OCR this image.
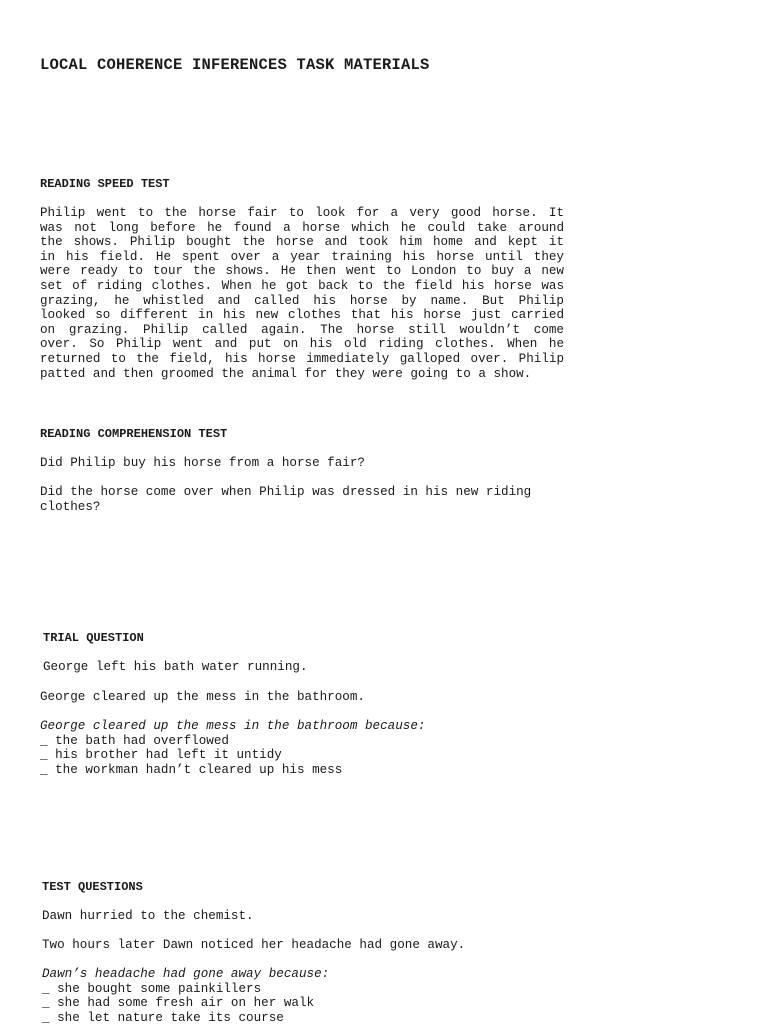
LOCAL COHERENCE INFERENCES TASK MATERIALS
READING SPEED TEST
Philip went to the horse fair to look for a very good horse. It
was not long before he found a horse which he could take around
the shows. Philip bought the horse and took him home and kept it
in his field. He spent over a year training his horse until they
were ready to tour the shows. He then went to London to buy a new
set of riding clothes. When he got back to the field his horse was
grazing, he whistled and called his horse by name. But Philip
looked so different in his new clothes that his horse just carried
on grazing. Philip called again. The horse still wouldn’t come
over. So Philip went and put on his old riding clothes. When he
returned to the field, his horse immediately galloped over. Philip
patted and then groomed the animal for they were going to a show.
READING COMPREHENSION TEST
Did Philip buy his horse from a horse fair?
Did the horse come over when Philip was dressed in his new riding
clothes?
TRIAL QUESTION
George left his bath water running.
George cleared up the mess in the bathroom.
George cleared up the mess in the bathroom because:
_ the bath had overflowed
_ his brother had left it untidy
_ the workman hadn’t cleared up his mess
TEST QUESTIONS
Dawn hurried to the chemist.
Two hours later Dawn noticed her headache had gone away.
Dawn’s headache had gone away because:
_ she bought some painkillers
_ she had some fresh air on her walk
_ she let nature take its course
